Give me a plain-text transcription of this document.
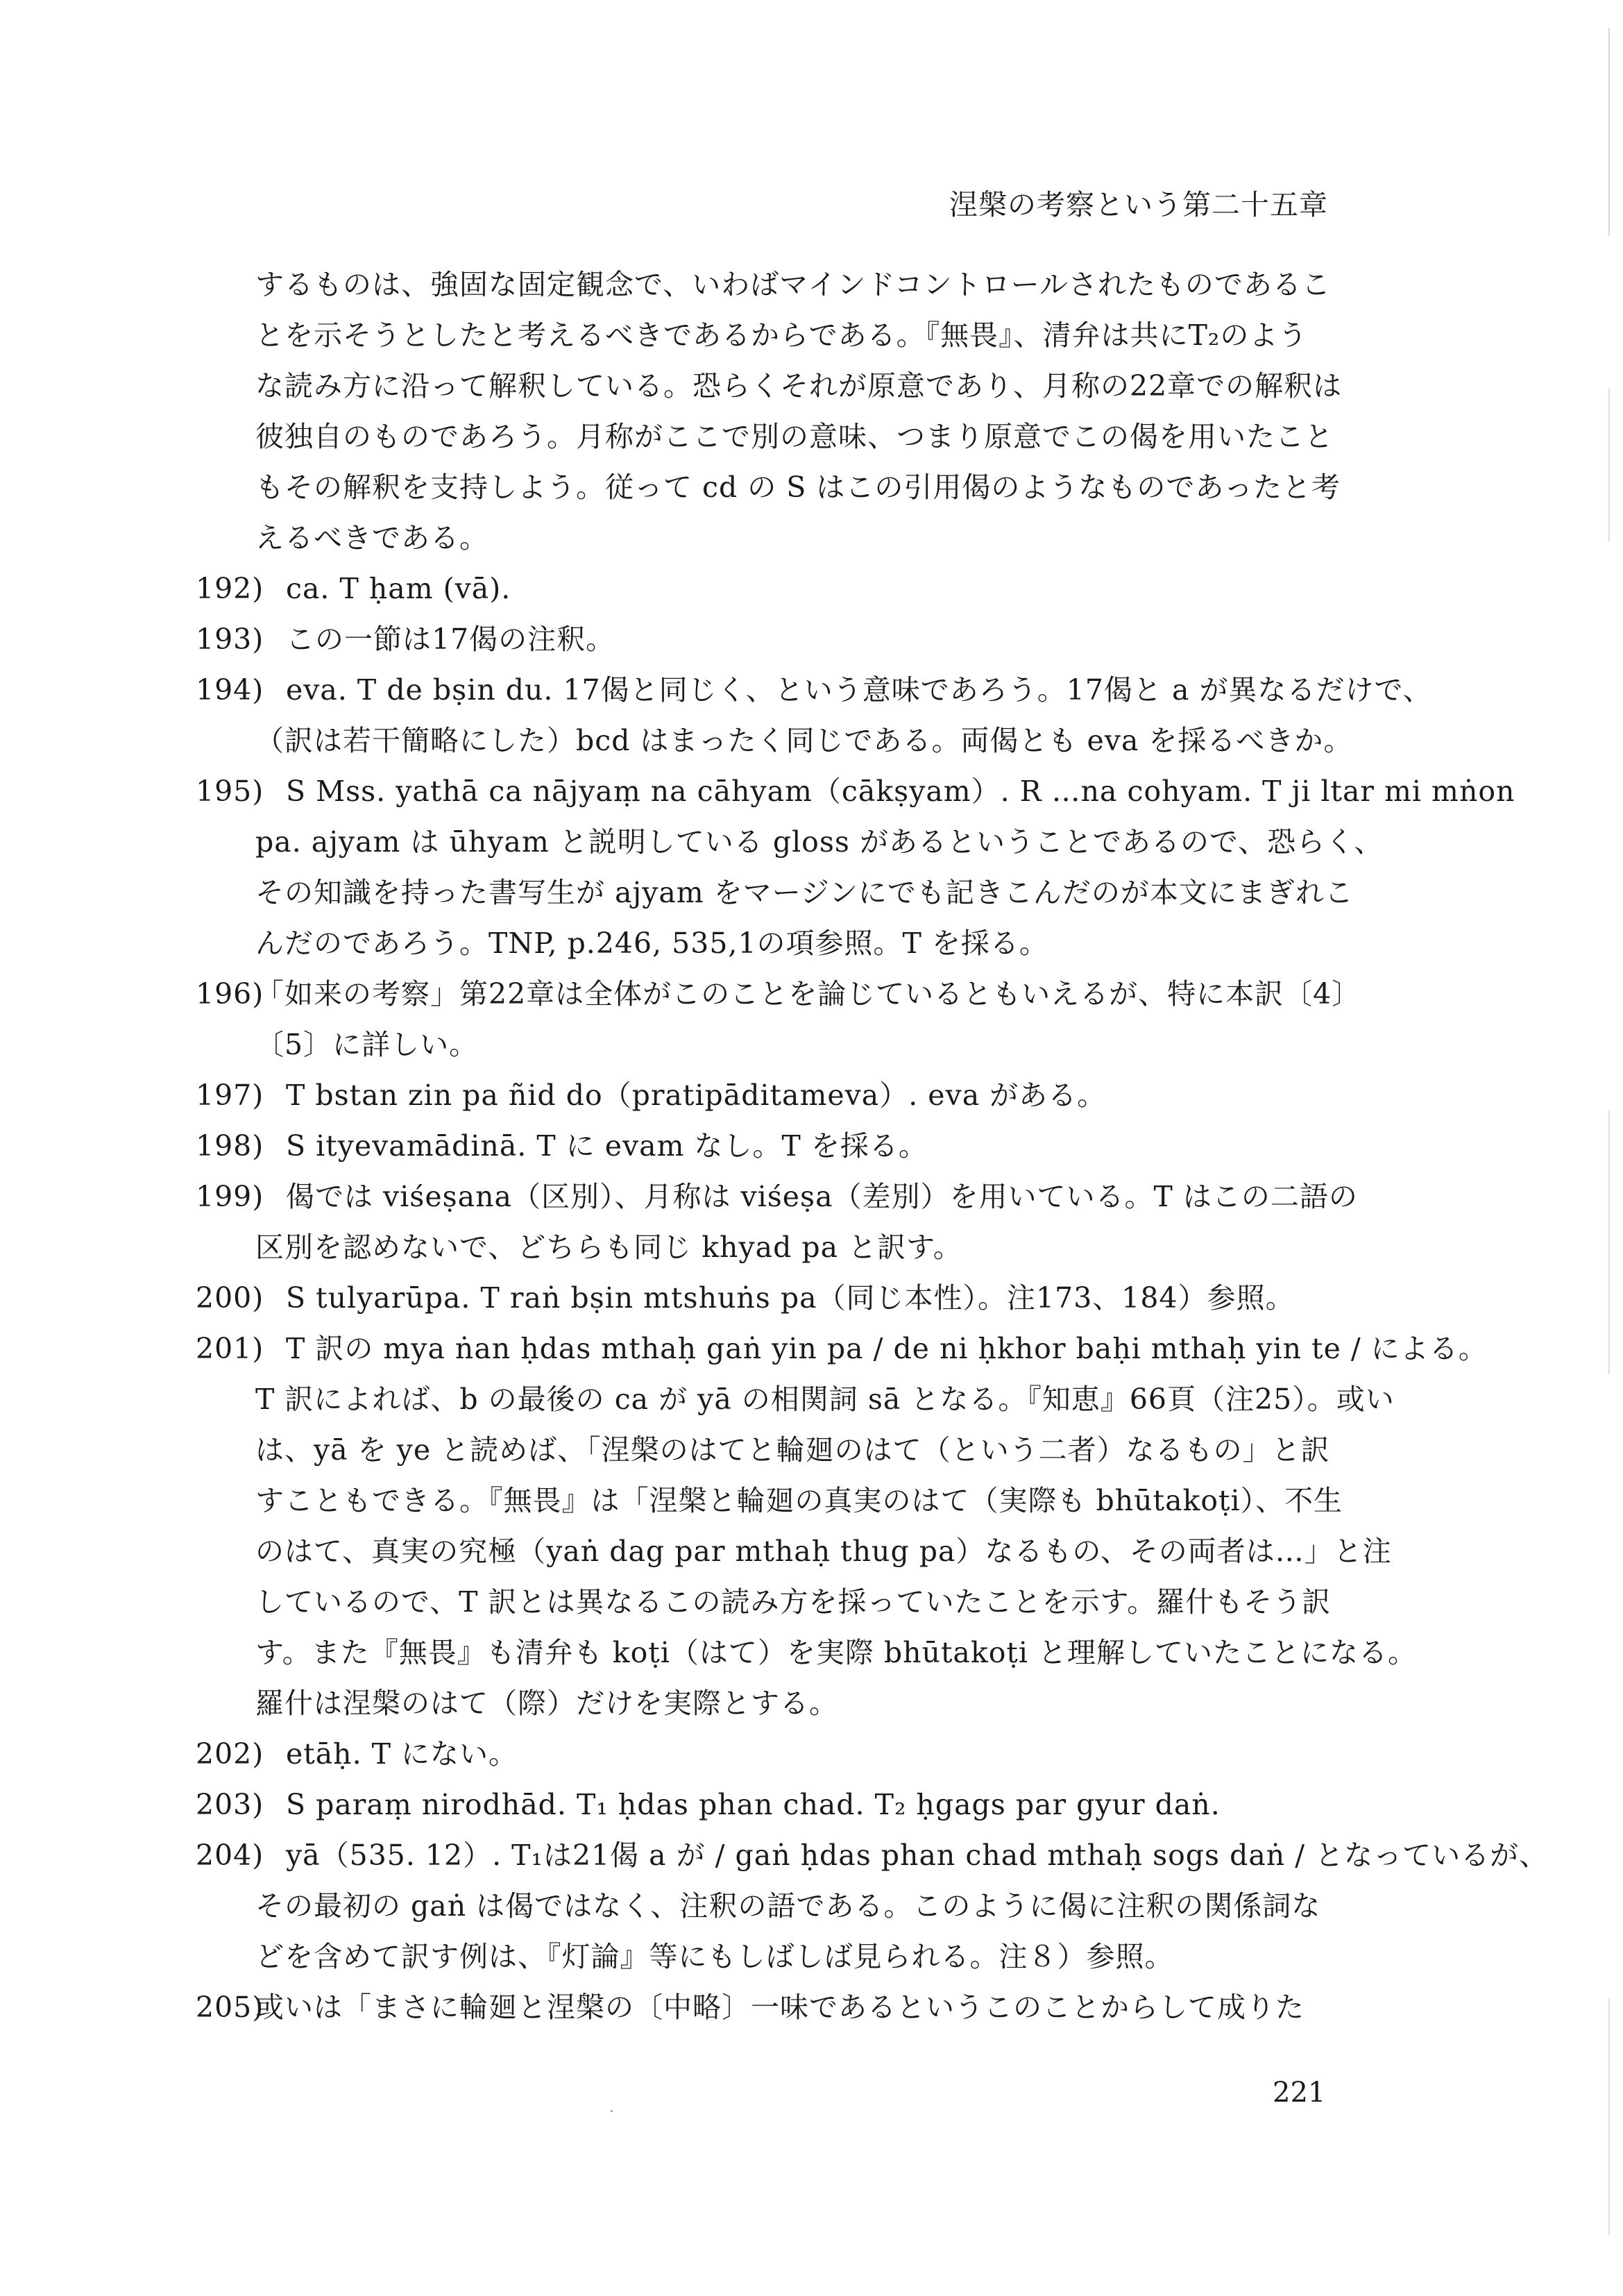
涅槃の考察という第二十五章
するものは、強固な固定観念で、いわばマインドコントロールされたものであるこ
とを示そうとしたと考えるべきであるからである。『無畏』、清弁は共にT₂のよう
な読み方に沿って解釈している。恐らくそれが原意であり、月称の22章での解釈は
彼独自のものであろう。月称がここで別の意味、つまり原意でこの偈を用いたこと
もその解釈を支持しよう。従って cd の S はこの引用偈のようなものであったと考
えるべきである。
192) ca. T ḥam (vā).
193) この一節は17偈の注釈。
194) eva. T de bṣin du. 17偈と同じく、という意味であろう。17偈と a が異なるだけで、
（訳は若干簡略にした）bcd はまったく同じである。両偈とも eva を採るべきか。
195) S Mss. yathā ca nājyaṃ na cāhyam（cākṣyam）. R …na cohyam. T ji ltar mi mṅon
pa. ajyam は ūhyam と説明している gloss があるということであるので、恐らく、
その知識を持った書写生が ajyam をマージンにでも記きこんだのが本文にまぎれこ
んだのであろう。TNP, p.246, 535,1の項参照。T を採る。
196)
「如来の考察」第22章は全体がこのことを論じているともいえるが、特に本訳〔4〕
〔5〕に詳しい。
197) T bstan zin pa ñid do（pratipāditameva）. eva がある。
198) S ityevamādinā. T に evam なし。T を採る。
199) 偈では viśeṣana（区別）、月称は viśeṣa（差別）を用いている。T はこの二語の
区別を認めないで、どちらも同じ khyad pa と訳す。
200) S tulyarūpa. T raṅ bṣin mtshuṅs pa（同じ本性）。注173、184）参照。
201) T 訳の mya ṅan ḥdas mthaḥ gaṅ yin pa / de ni ḥkhor baḥi mthaḥ yin te / による。
T 訳によれば、b の最後の ca が yā の相関詞 sā となる。『知恵』66頁（注25）。或い
は、yā を ye と読めば、「涅槃のはてと輪廻のはて（という二者）なるもの」と訳
すこともできる。『無畏』は「涅槃と輪廻の真実のはて（実際も bhūtakoṭi）、不生
のはて、真実の究極（yaṅ dag par mthaḥ thug pa）なるもの、その両者は…」と注
しているので、T 訳とは異なるこの読み方を採っていたことを示す。羅什もそう訳
す。また『無畏』も清弁も koṭi（はて）を実際 bhūtakoṭi と理解していたことになる。
羅什は涅槃のはて（際）だけを実際とする。
202) etāḥ. T にない。
203) S paraṃ nirodhād. T₁ ḥdas phan chad. T₂ ḥgags par gyur daṅ.
204) yā（535. 12）. T₁は21偈 a が / gaṅ ḥdas phan chad mthaḥ sogs daṅ / となっているが、
その最初の gaṅ は偈ではなく、注釈の語である。このように偈に注釈の関係詞な
どを含めて訳す例は、『灯論』等にもしばしば見られる。注８）参照。
205)
或いは「まさに輪廻と涅槃の〔中略〕一味であるというこのことからして成りた
221
